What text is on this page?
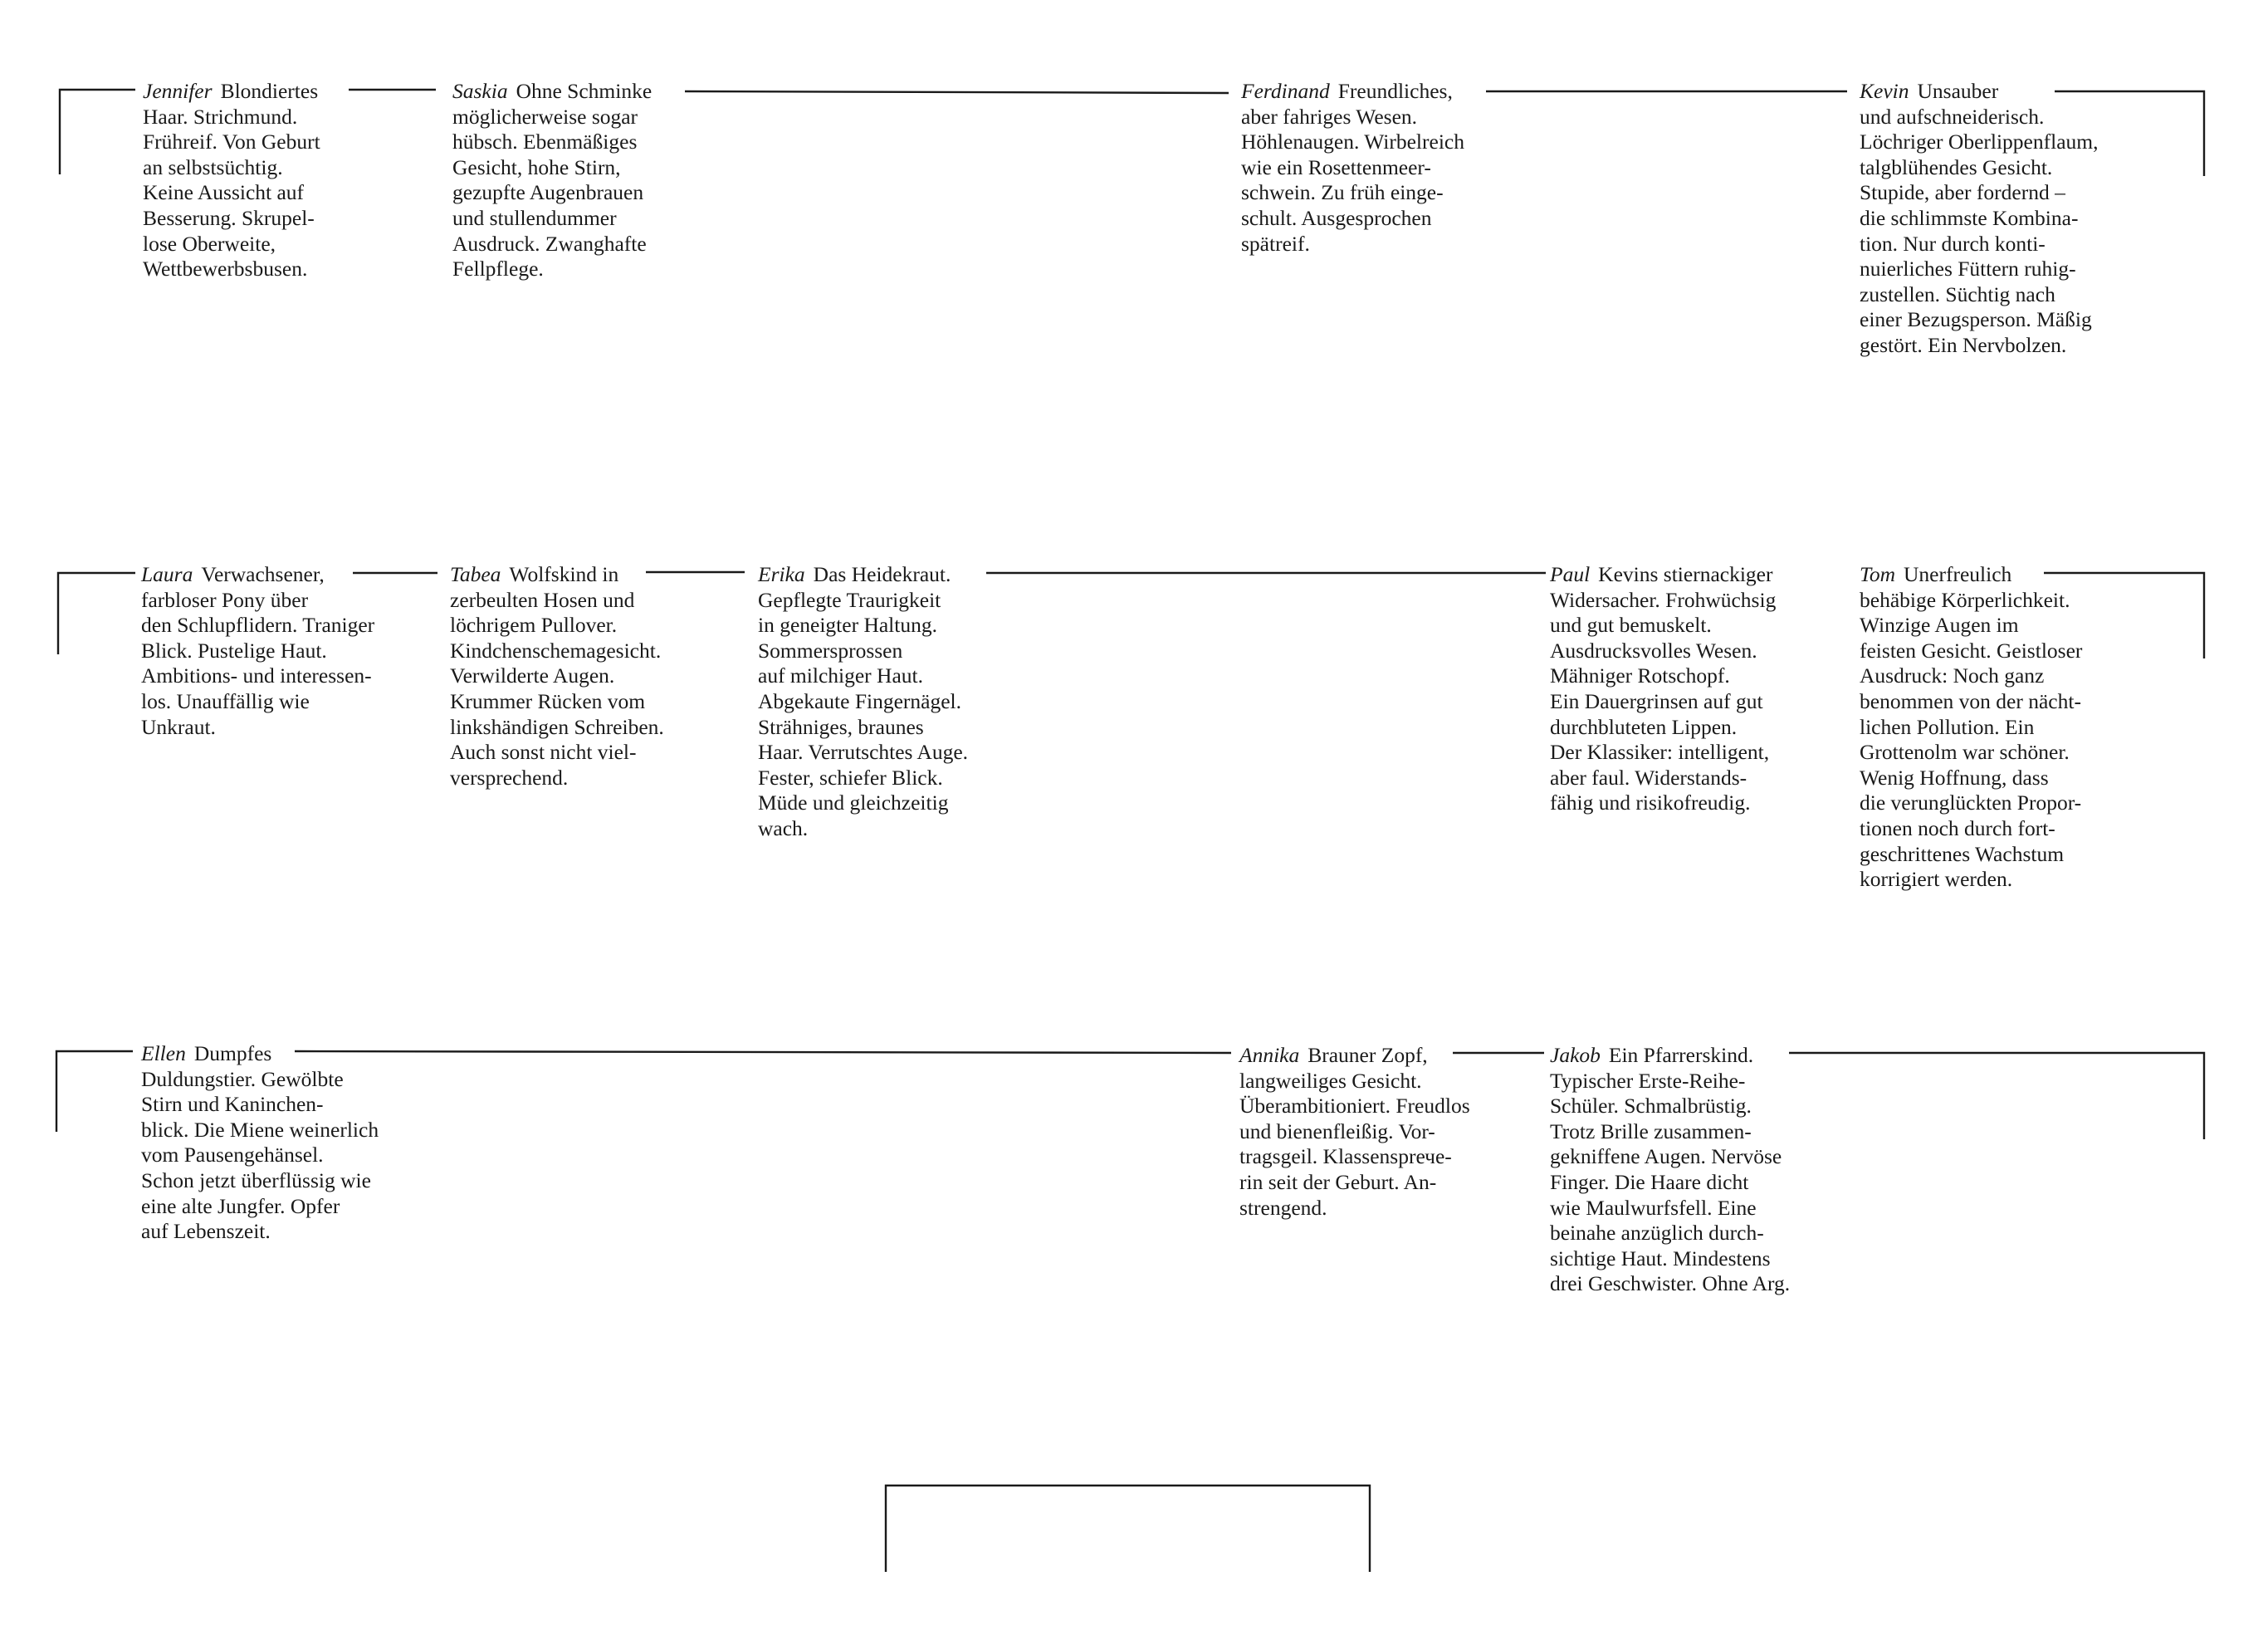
Jennifer Blondiertes
Haar. Strichmund.
Frühreif. Von Geburt
an selbstsüchtig.
Keine Aussicht auf
Besserung. Skrupel-
lose Oberweite,
Wettbewerbsbusen.
Saskia Ohne Schminke
möglicherweise sogar
hübsch. Ebenmäßiges
Gesicht, hohe Stirn,
gezupfte Augenbrauen
und stullendummer
Ausdruck. Zwanghafte
Fellpflege.
Ferdinand Freundliches,
aber fahriges Wesen.
Höhlenaugen. Wirbelreich
wie ein Rosettenmeer-
schwein. Zu früh einge-
schult. Ausgesprochen
spätreif.
Kevin Unsauber
und aufschneiderisch.
Löchriger Oberlippenflaum,
talgblühendes Gesicht.
Stupide, aber fordernd –
die schlimmste Kombina-
tion. Nur durch konti-
nuierliches Füttern ruhig-
zustellen. Süchtig nach
einer Bezugsperson. Mäßig
gestört. Ein Nervbolzen.
Laura Verwachsener,
farbloser Pony über
den Schlupflidern. Traniger
Blick. Pustelige Haut.
Ambitions- und interessen-
los. Unauffällig wie
Unkraut.
Tabea Wolfskind in
zerbeulten Hosen und
löchrigem Pullover.
Kindchenschemagesicht.
Verwilderte Augen.
Krummer Rücken vom
linkshändigen Schreiben.
Auch sonst nicht viel-
versprechend.
Erika Das Heidekraut.
Gepflegte Traurigkeit
in geneigter Haltung.
Sommersprossen
auf milchiger Haut.
Abgekaute Fingernägel.
Strähniges, braunes
Haar. Verrutschtes Auge.
Fester, schiefer Blick.
Müde und gleichzeitig
wach.
Paul Kevins stiernackiger
Widersacher. Frohwüchsig
und gut bemuskelt.
Ausdrucksvolles Wesen.
Mähniger Rotschopf.
Ein Dauergrinsen auf gut
durchbluteten Lippen.
Der Klassiker: intelligent,
aber faul. Widerstands-
fähig und risikofreudig.
Tom Unerfreulich
behäbige Körperlichkeit.
Winzige Augen im
feisten Gesicht. Geistloser
Ausdruck: Noch ganz
benommen von der nächt-
lichen Pollution. Ein
Grottenolm war schöner.
Wenig Hoffnung, dass
die verunglückten Propor-
tionen noch durch fort-
geschrittenes Wachstum
korrigiert werden.
Ellen Dumpfes
Duldungstier. Gewölbte
Stirn und Kaninchen-
blick. Die Miene weinerlich
vom Pausengehänsel.
Schon jetzt überflüssig wie
eine alte Jungfer. Opfer
auf Lebenszeit.
Annika Brauner Zopf,
langweiliges Gesicht.
Überambitioniert. Freudlos
und bienenfleißig. Vor-
tragsgeil. Klassensprече-
rin seit der Geburt. An-
strengend.
Jakob Ein Pfarrerskind.
Typischer Erste-Reihe-
Schüler. Schmalbrüstig.
Trotz Brille zusammen-
gekniffene Augen. Nervöse
Finger. Die Haare dicht
wie Maulwurfsfell. Eine
beinahe anzüglich durch-
sichtige Haut. Mindestens
drei Geschwister. Ohne Arg.
